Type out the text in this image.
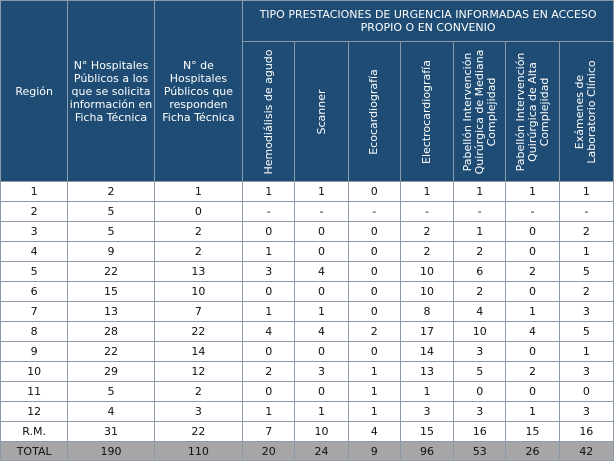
Región	N° Hospitales Públicos a los que se solicita información en Ficha Técnica	N° de Hospitales Públicos que responden Ficha Técnica	TIPO PRESTACIONES DE URGENCIA INFORMADAS EN ACCESO PROPIO O EN CONVENIO						

			Hemodiálisis de agudo	Scanner	Ecocardiografía	Electrocardiografía	Pabellón Intervención Quirúrgica de Mediana Complejidad	Pabellón Intervención Quirúrgica de Alta Complejidad	Exámenes de Laboratorio Clínico

1	2	1	1	1	0	1	1	1	1
2	5	0	-	-	-	-	-	-	-
3	5	2	0	0	0	2	1	0	2
4	9	2	1	0	0	2	2	0	1
5	22	13	3	4	0	10	6	2	5
6	15	10	0	0	0	10	2	0	2
7	13	7	1	1	0	8	4	1	3
8	28	22	4	4	2	17	10	4	5
9	22	14	0	0	0	14	3	0	1
10	29	12	2	3	1	13	5	2	3
11	5	2	0	0	1	1	0	0	0
12	4	3	1	1	1	3	3	1	3
R.M.	31	22	7	10	4	15	16	15	16
TOTAL	190	110	20	24	9	96	53	26	42
